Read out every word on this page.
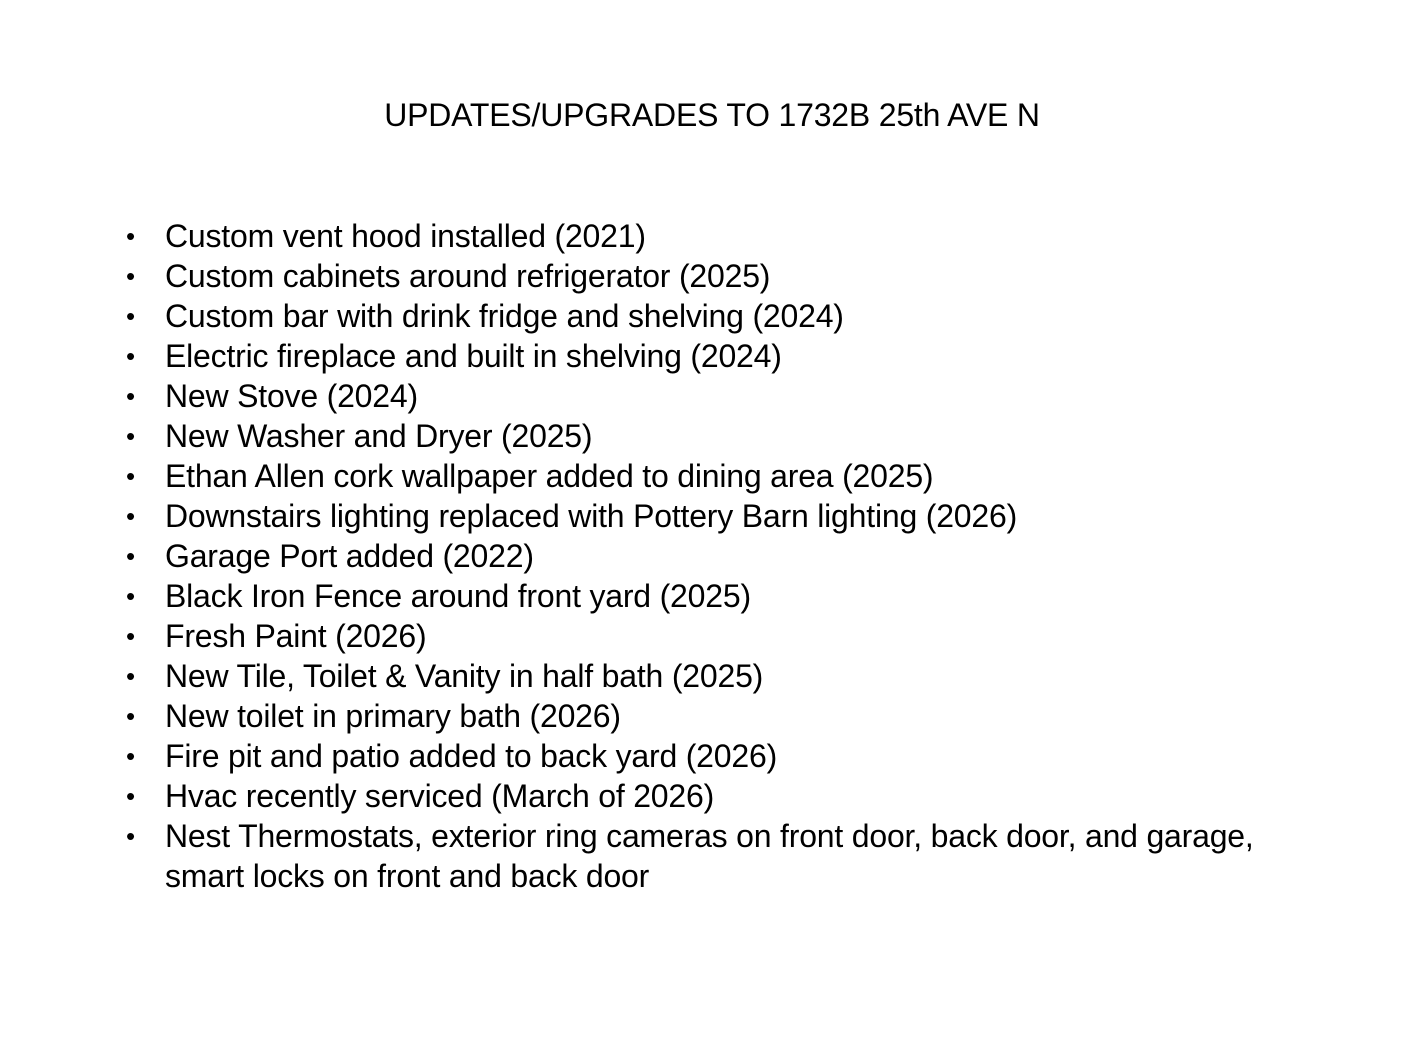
UPDATES/UPGRADES TO 1732B 25th AVE N
• Custom vent hood installed (2021)
• Custom cabinets around refrigerator (2025)
• Custom bar with drink fridge and shelving (2024)
• Electric fireplace and built in shelving (2024)
• New Stove (2024)
• New Washer and Dryer (2025)
• Ethan Allen cork wallpaper added to dining area (2025)
• Downstairs lighting replaced with Pottery Barn lighting (2026)
• Garage Port added (2022)
• Black Iron Fence around front yard (2025)
• Fresh Paint (2026)
• New Tile, Toilet & Vanity in half bath (2025)
• New toilet in primary bath (2026)
• Fire pit and patio added to back yard (2026)
• Hvac recently serviced (March of 2026)
• Nest Thermostats, exterior ring cameras on front door, back door, and garage, smart locks on front and back door
